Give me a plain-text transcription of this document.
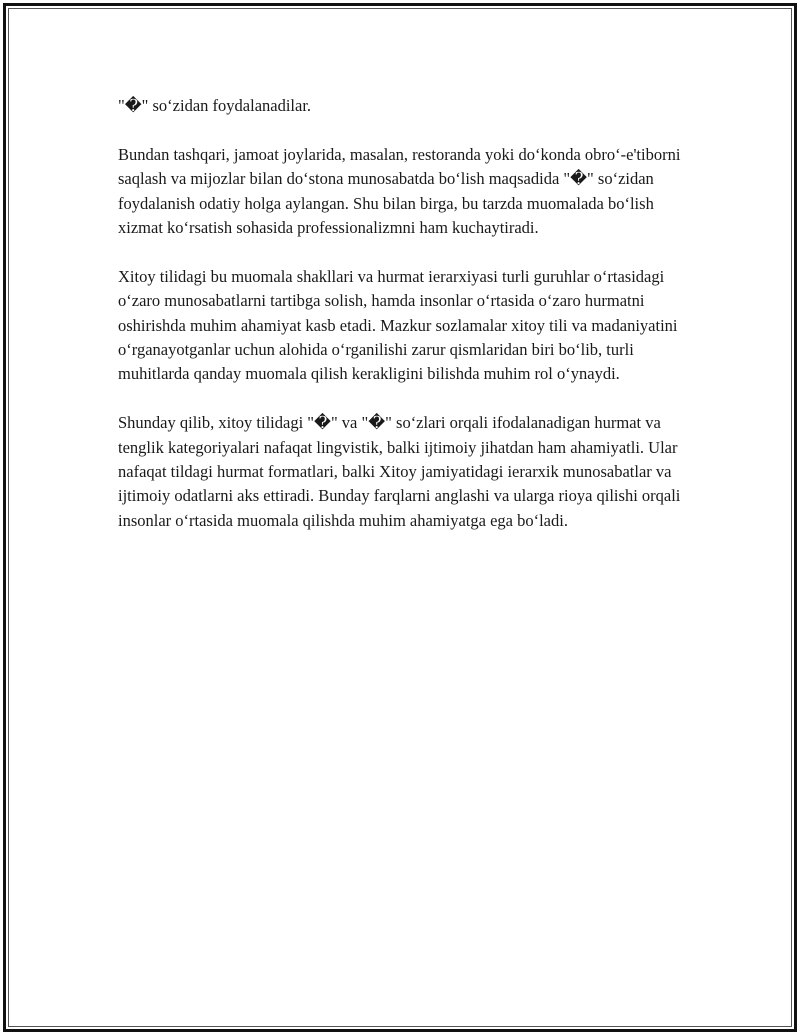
"�" so‘zidan foydalanadilar.

Bundan tashqari, jamoat joylarida, masalan, restoranda yoki do‘konda obro‘-e'tiborni saqlash va mijozlar bilan do‘stona munosabatda bo‘lish maqsadida "�" so‘zidan foydalanish odatiy holga aylangan. Shu bilan birga, bu tarzda muomalada bo‘lish xizmat ko‘rsatish sohasida professionalizmni ham kuchaytiradi.

Xitoy tilidagi bu muomala shakllari va hurmat ierarxiyasi turli guruhlar o‘rtasidagi o‘zaro munosabatlarni tartibga solish, hamda insonlar o‘rtasida o‘zaro hurmatni oshirishda muhim ahamiyat kasb etadi. Mazkur sozlamalar xitoy tili va madaniyatini o‘rganayotganlar uchun alohida o‘rganilishi zarur qismlaridan biri bo‘lib, turli muhitlarda qanday muomala qilish kerakligini bilishda muhim rol o‘ynaydi.

Shunday qilib, xitoy tilidagi "�" va "�" so‘zlari orqali ifodalanadigan hurmat va tenglik kategoriyalari nafaqat lingvistik, balki ijtimoiy jihatdan ham ahamiyatli. Ular nafaqat tildagi hurmat formatlari, balki Xitoy jamiyatidagi ierarxik munosabatlar va ijtimoiy odatlarni aks ettiradi. Bunday farqlarni anglashi va ularga rioya qilishi orqali insonlar o‘rtasida muomala qilishda muhim ahamiyatga ega bo‘ladi.
